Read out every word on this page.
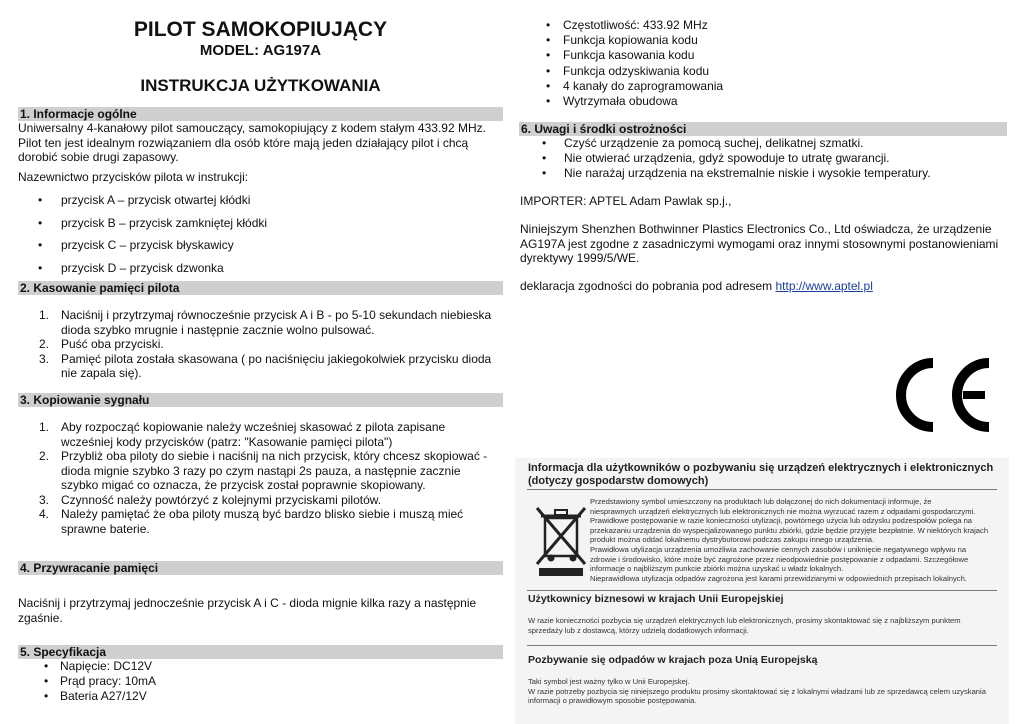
PILOT SAMOKOPIUJĄCY
MODEL: AG197A
INSTRUKCJA UŻYTKOWANIA
1. Informacje ogólne
Uniwersalny 4-kanałowy pilot samouczący, samokopiujący z kodem stałym 433.92 MHz.
Pilot ten jest idealnym rozwiązaniem dla osób które mają jeden działający pilot i chcą
dorobić sobie drugi zapasowy.
Nazewnictwo przycisków pilota w instrukcji:
• przycisk A – przycisk otwartej kłódki
• przycisk B – przycisk zamkniętej kłódki
• przycisk C – przycisk błyskawicy
• przycisk D – przycisk dzwonka
2. Kasowanie pamięci pilota
1. Naciśnij i przytrzymaj równocześnie przycisk A i B - po 5-10 sekundach niebieska
dioda szybko mrugnie i następnie zacznie wolno pulsować.
2. Puść oba przyciski.
3. Pamięć pilota została skasowana ( po naciśnięciu jakiegokolwiek przycisku dioda
nie zapala się).
3. Kopiowanie sygnału
1. Aby rozpocząć kopiowanie należy wcześniej skasować z pilota zapisane
wcześniej kody przycisków (patrz: "Kasowanie pamięci pilota")
2. Przybliż oba piloty do siebie i naciśnij na nich przycisk, który chcesz skopiować -
dioda mignie szybko 3 razy po czym nastąpi 2s pauza, a następnie zacznie
szybko migać co oznacza, że przycisk został poprawnie skopiowany.
3. Czynność należy powtórzyć z kolejnymi przyciskami pilotów.
4. Należy pamiętać że oba piloty muszą być bardzo blisko siebie i muszą mieć
sprawne baterie.
4. Przywracanie pamięci
Naciśnij i przytrzymaj jednocześnie przycisk A i C - dioda mignie kilka razy a następnie
zgaśnie.
5. Specyfikacja
• Napięcie: DC12V
• Prąd pracy: 10mA
• Bateria A27/12V
• Częstotliwość: 433.92 MHz
• Funkcja kopiowania kodu
• Funkcja kasowania kodu
• Funkcja odzyskiwania kodu
• 4 kanały do zaprogramowania
• Wytrzymała obudowa
6. Uwagi i środki ostrożności
• Czyść urządzenie za pomocą suchej, delikatnej szmatki.
• Nie otwierać urządzenia, gdyż spowoduje to utratę gwarancji.
• Nie narażaj urządzenia na ekstremalnie niskie i wysokie temperatury.
IMPORTER: APTEL Adam Pawlak sp.j.,
Niniejszym Shenzhen Bothwinner Plastics Electronics Co., Ltd oświadcza, że urządzenie
AG197A jest zgodne z zasadniczymi wymogami oraz innymi stosownymi postanowieniami
dyrektywy 1999/5/WE.
deklaracja zgodności do pobrania pod adresem http://www.aptel.pl
Informacja dla użytkowników o pozbywaniu się urządzeń elektrycznych i elektronicznych
(dotyczy gospodarstw domowych)
Przedstawiony symbol umieszczony na produktach lub dołączonej do nich dokumentacji informuje, że
niesprawnych urządzeń elektrycznych lub elektronicznych nie można wyrzucać razem z odpadami gospodarczymi.
Prawidłowe postępowanie w razie konieczności utylizacji, powtórnego użycia lub odzysku podzespołów polega na
przekazaniu urządzenia do wyspecjalizowanego punktu zbiórki, gdzie będzie przyjęte bezpłatnie. W niektórych krajach
produkt można oddać lokalnemu dystrybutorowi podczas zakupu innego urządzenia.
Prawidłowa utylizacja urządzenia umożliwia zachowanie cennych zasobów i uniknięcie negatywnego wpływu na
zdrowie i środowisko, które może być zagrożone przez nieodpowiednie postępowanie z odpadami. Szczegółowe
informacje o najbliższym punkcie zbiórki można uzyskać u władz lokalnych.
Nieprawidłowa utylizacja odpadów zagrożona jest karami przewidzianymi w odpowiednich przepisach lokalnych.
Użytkownicy biznesowi w krajach Unii Europejskiej
W razie konieczności pozbycia się urządzeń elektrycznych lub elektronicznych, prosimy skontaktować się z najbliższym punktem
sprzedaży lub z dostawcą, którzy udzielą dodatkowych informacji.
Pozbywanie się odpadów w krajach poza Unią Europejską
Taki symbol jest ważny tylko w Unii Europejskej.
W razie potrzeby pozbycia się niniejszego produktu prosimy skontaktować się z lokalnymi władzami lub ze sprzedawcą celem uzyskania
informacji o prawidłowym sposobie postępowania.
